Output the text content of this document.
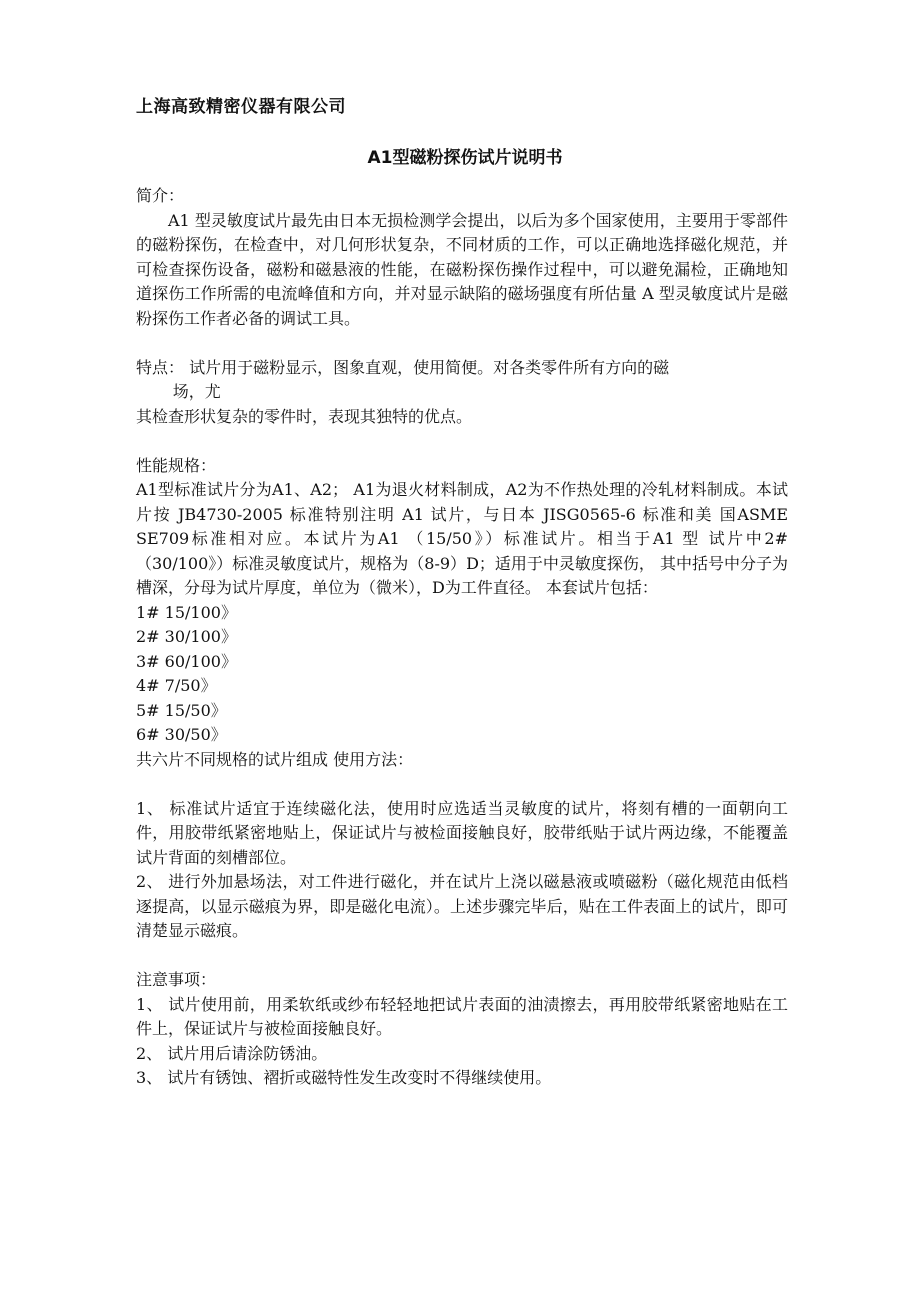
上海高致精密仪器有限公司
A1型磁粉探伤试片说明书

简介：

A1 型灵敏度试片最先由日本无损检测学会提出，以后为多个国家使用，主要用于零部件的磁粉探伤，在检查中，对几何形状复杂，不同材质的工作，可以正确地选择磁化规范，并可检查探伤设备，磁粉和磁悬液的性能，在磁粉探伤操作过程中，可以避免漏检，正确地知道探伤工作所需的电流峰值和方向，并对显示缺陷的磁场强度有所估量 A 型灵敏度试片是磁粉探伤工作者必备的调试工具。

特点： 试片用于磁粉显示，图象直观，使用简便。对各类零件所有方向的磁

场，尤

其检查形状复杂的零件时，表现其独特的优点。

性能规格：

A1型标准试片分为A1、A2； A1为退火材料制成，A2为不作热处理的冷轧材料制成。本试片按 JB4730-2005 标准特别注明 A1 试片，与日本 JISG0565-6 标准和美 国ASME SE709标准相对应。本试片为A1 （15/50》）标准试片。相当于A1 型 试片中2# （30/100》）标准灵敏度试片，规格为（8-9）D；适用于中灵敏度探伤， 其中括号中分子为槽深，分母为试片厚度，单位为（微米），D为工件直径。 本套试片包括：

1# 15/100》

2# 30/100》

3# 60/100》

4# 7/50》

5# 15/50》

6# 30/50》

共六片不同规格的试片组成 使用方法：

1、 标准试片适宜于连续磁化法，使用时应选适当灵敏度的试片，将刻有槽的一面朝向工件，用胶带纸紧密地贴上，保证试片与被检面接触良好，胶带纸贴于试片两边缘，不能覆盖试片背面的刻槽部位。

2、 进行外加悬场法，对工件进行磁化，并在试片上浇以磁悬液或喷磁粉（磁化规范由低档逐提高，以显示磁痕为界，即是磁化电流）。上述步骤完毕后，贴在工件表面上的试片，即可清楚显示磁痕。

注意事项：

1、 试片使用前，用柔软纸或纱布轻轻地把试片表面的油渍擦去，再用胶带纸紧密地贴在工件上，保证试片与被检面接触良好。

2、 试片用后请涂防锈油。

3、 试片有锈蚀、褶折或磁特性发生改变时不得继续使用。
